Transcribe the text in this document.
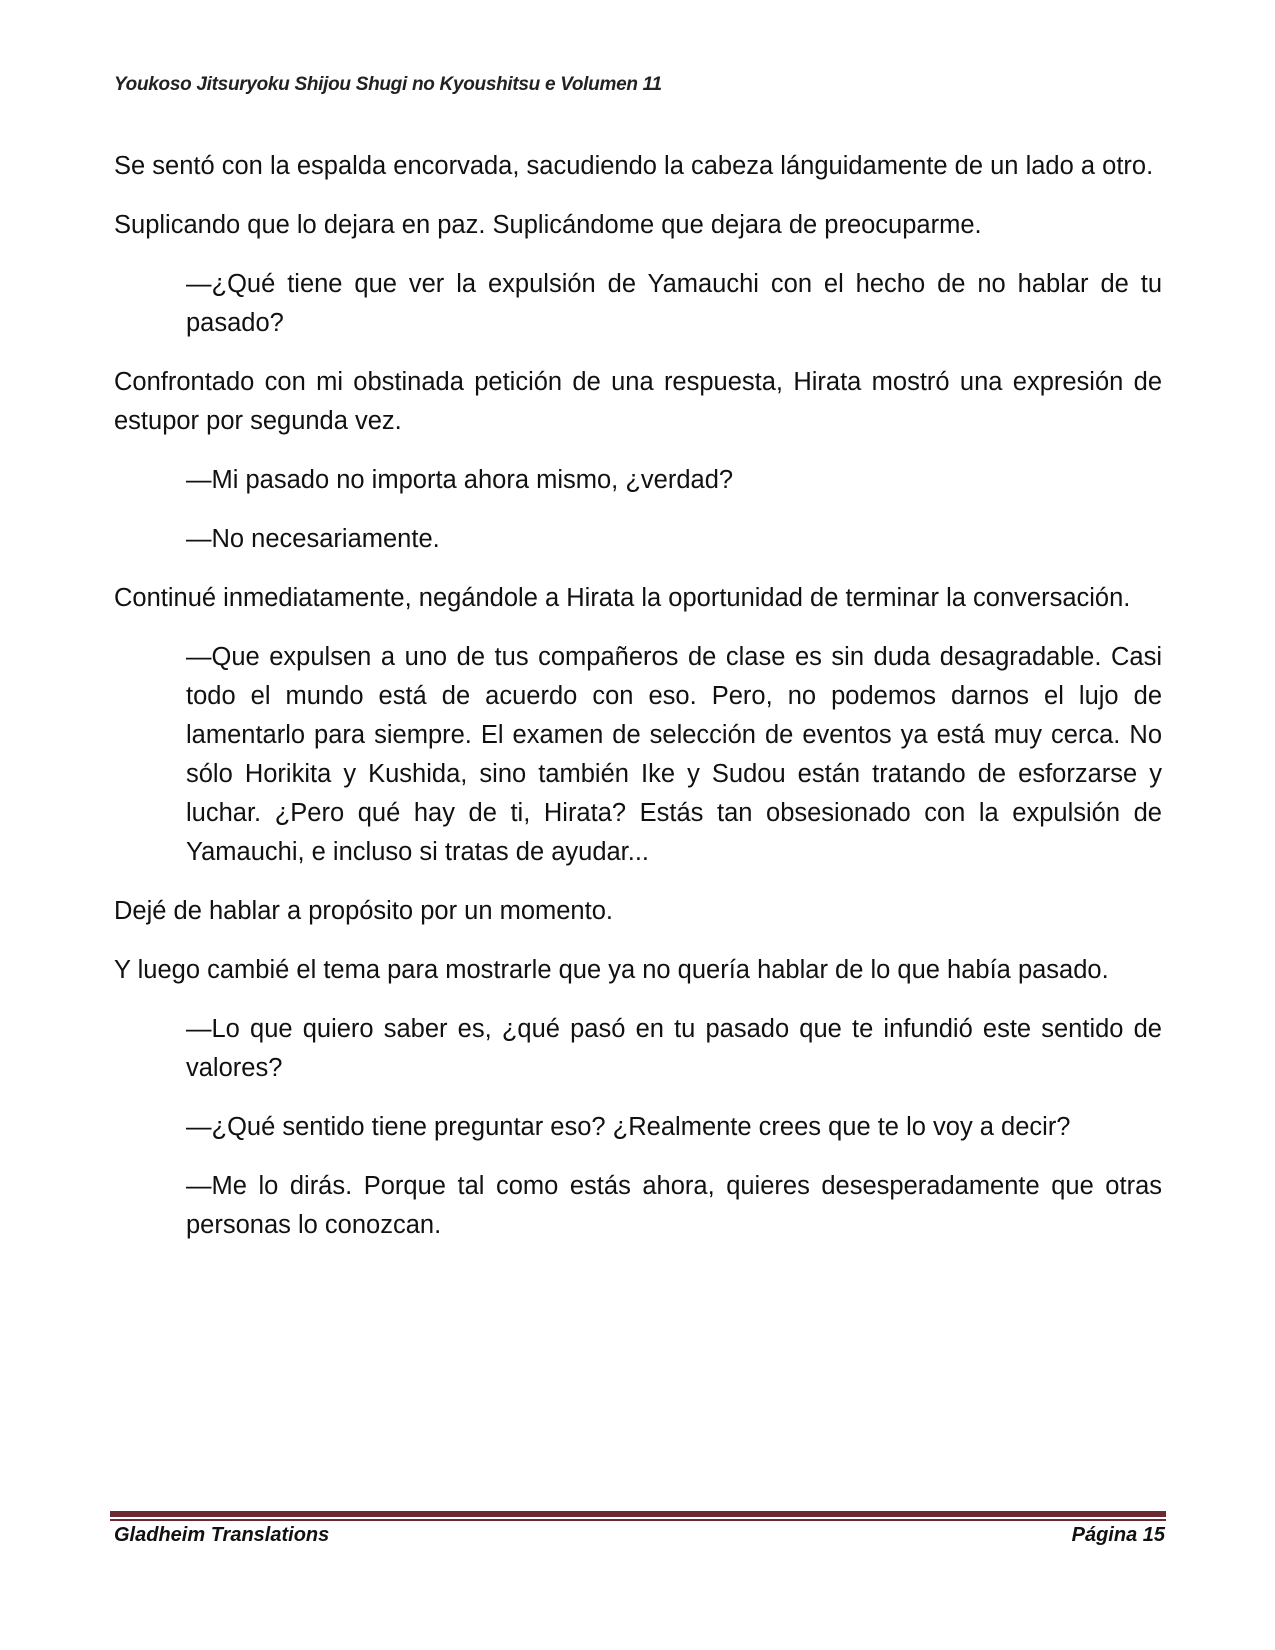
Youkoso Jitsuryoku Shijou Shugi no Kyoushitsu e Volumen 11

Se sentó con la espalda encorvada, sacudiendo la cabeza lánguidamente de un lado a otro.

Suplicando que lo dejara en paz. Suplicándome que dejara de preocuparme.

—¿Qué tiene que ver la expulsión de Yamauchi con el hecho de no hablar de tu pasado?

Confrontado con mi obstinada petición de una respuesta, Hirata mostró una expresión de estupor por segunda vez.

—Mi pasado no importa ahora mismo, ¿verdad?

—No necesariamente.

Continué inmediatamente, negándole a Hirata la oportunidad de terminar la conversación.

—Que expulsen a uno de tus compañeros de clase es sin duda desagradable. Casi todo el mundo está de acuerdo con eso. Pero, no podemos darnos el lujo de lamentarlo para siempre. El examen de selección de eventos ya está muy cerca. No sólo Horikita y Kushida, sino también Ike y Sudou están tratando de esforzarse y luchar. ¿Pero qué hay de ti, Hirata? Estás tan obsesionado con la expulsión de Yamauchi, e incluso si tratas de ayudar...

Dejé de hablar a propósito por un momento.

Y luego cambié el tema para mostrarle que ya no quería hablar de lo que había pasado.

—Lo que quiero saber es, ¿qué pasó en tu pasado que te infundió este sentido de valores?

—¿Qué sentido tiene preguntar eso? ¿Realmente crees que te lo voy a decir?

—Me lo dirás. Porque tal como estás ahora, quieres desesperadamente que otras personas lo conozcan.

Gladheim Translations	Página 15
